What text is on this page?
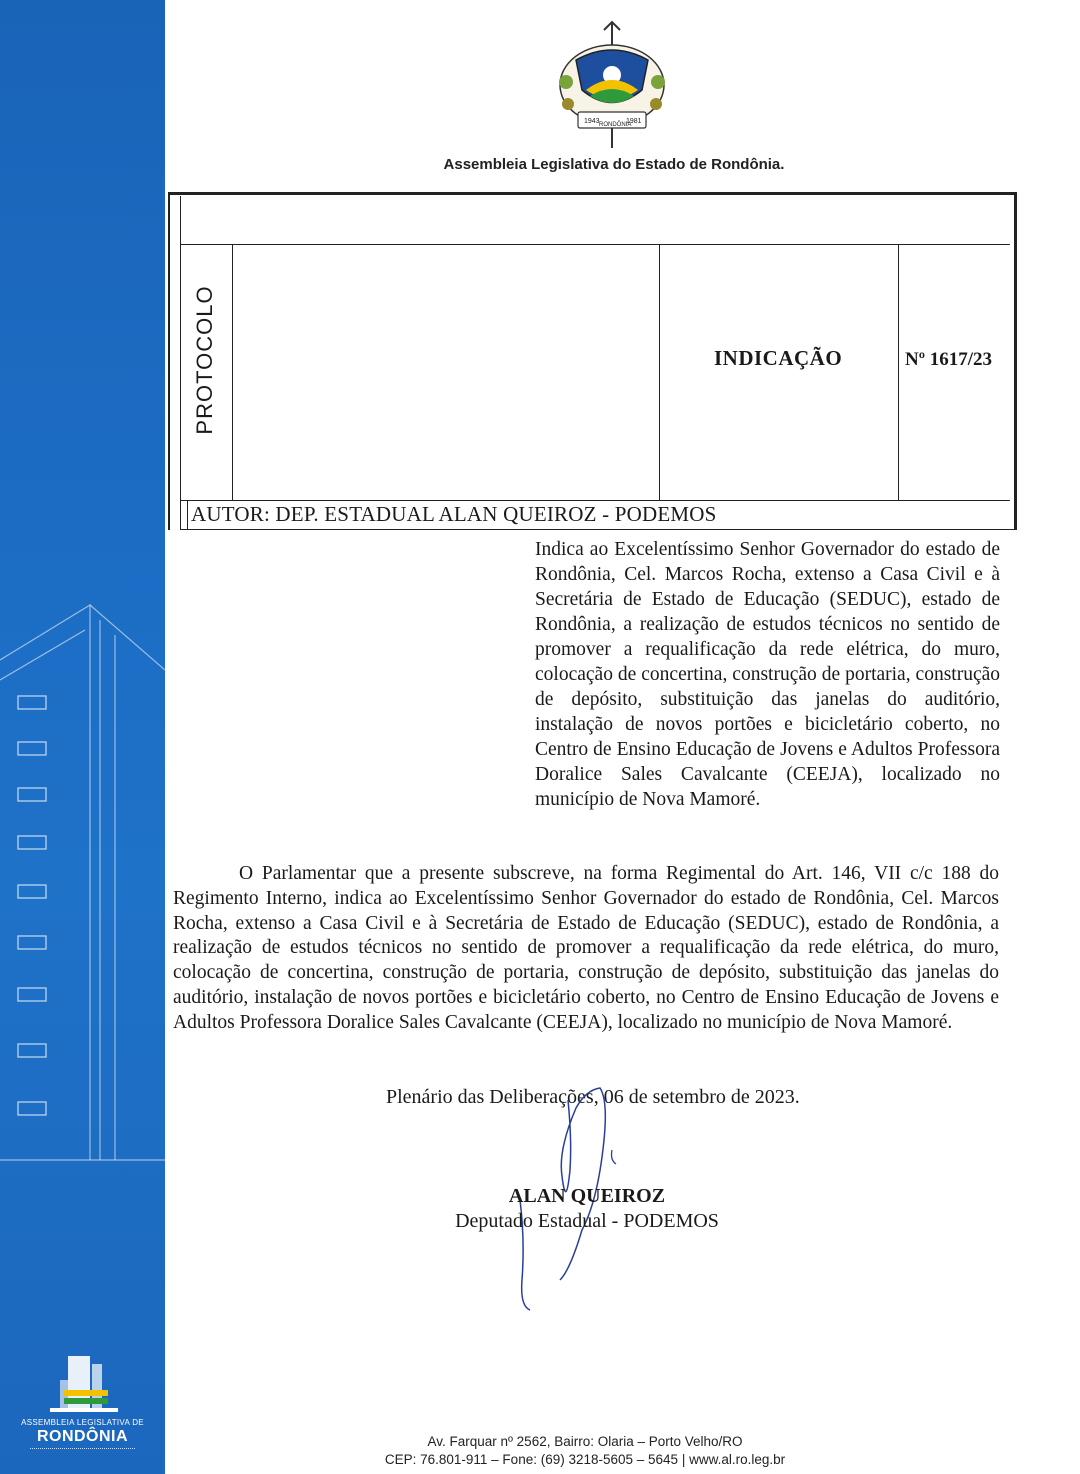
ASSEMBLEIA LEGISLATIVA DE
RONDÔNIA
1943 RONDÔNIA
1981
Assembleia Legislativa do Estado de Rondônia.
PROTOCOLO	INDICAÇÃO	Nº 1617/23
AUTOR: DEP. ESTADUAL ALAN QUEIROZ - PODEMOS
Indica ao Excelentíssimo Senhor Governador do estado de Rondônia, Cel. Marcos Rocha, extenso a Casa Civil e à Secretária de Estado de Educação (SEDUC), estado de Rondônia, a realização de estudos técnicos no sentido de promover a requalificação da rede elétrica, do muro, colocação de concertina, construção de portaria, construção de depósito, substituição das janelas do auditório, instalação de novos portões e bicicletário coberto, no Centro de Ensino Educação de Jovens e Adultos Professora Doralice Sales Cavalcante (CEEJA), localizado no município de Nova Mamoré.
O Parlamentar que a presente subscreve, na forma Regimental do Art. 146, VII c/c 188 do Regimento Interno, indica ao Excelentíssimo Senhor Governador do estado de Rondônia, Cel. Marcos Rocha, extenso a Casa Civil e à Secretária de Estado de Educação (SEDUC), estado de Rondônia, a realização de estudos técnicos no sentido de promover a requalificação da rede elétrica, do muro, colocação de concertina, construção de portaria, construção de depósito, substituição das janelas do auditório, instalação de novos portões e bicicletário coberto, no Centro de Ensino Educação de Jovens e Adultos Professora Doralice Sales Cavalcante (CEEJA), localizado no município de Nova Mamoré.
Plenário das Deliberações, 06 de setembro de 2023.
ALAN QUEIROZ
Deputado Estadual - PODEMOS
Av. Farquar nº 2562, Bairro: Olaria – Porto Velho/RO
CEP: 76.801-911 – Fone: (69) 3218-5605 – 5645 | www.al.ro.leg.br
